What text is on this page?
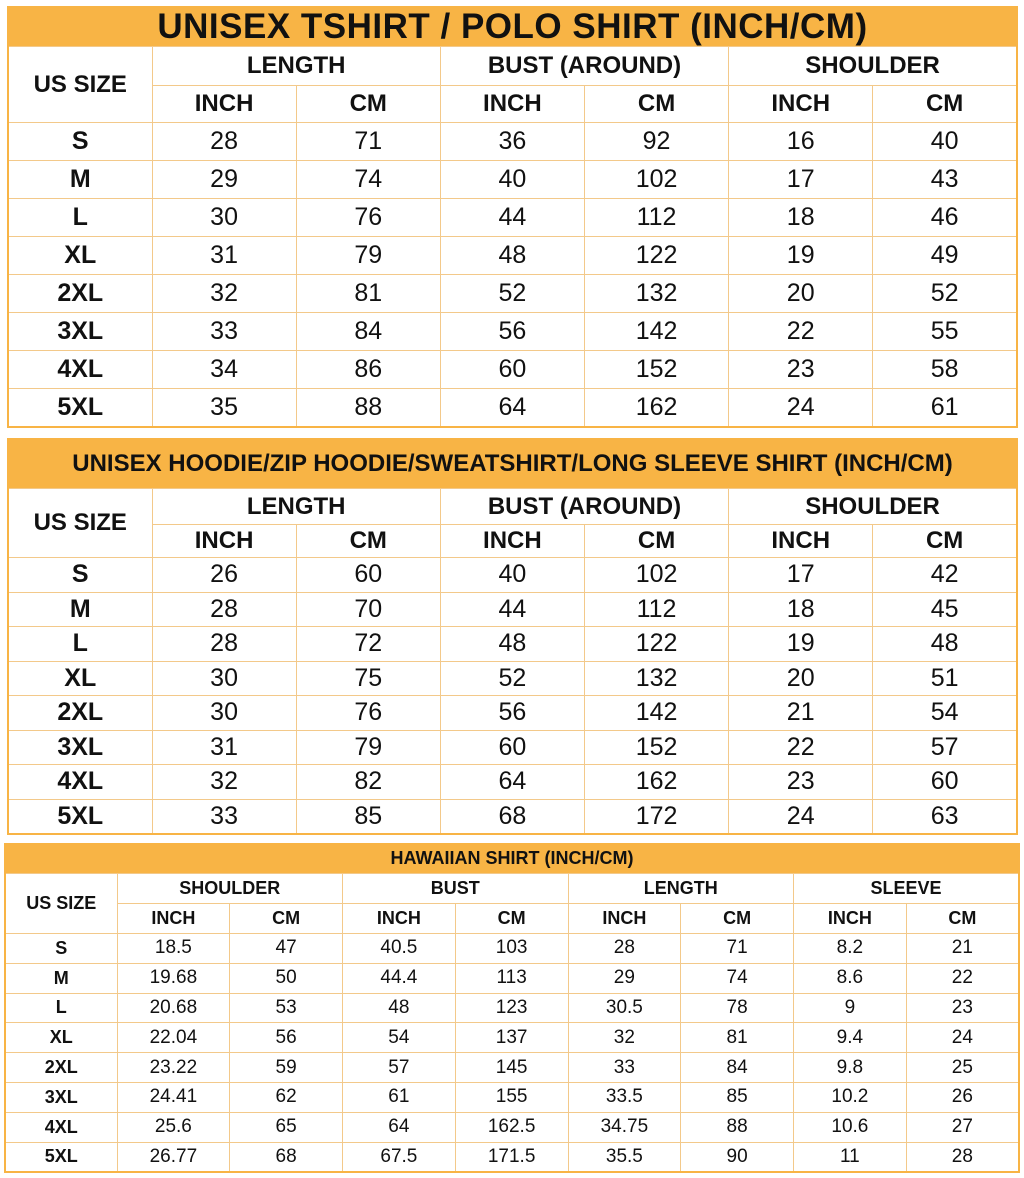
UNISEX TSHIRT / POLO SHIRT (INCH/CM)
US SIZE	LENGTH		BUST (AROUND)		SHOULDER	
	INCH	CM	INCH	CM	INCH	CM
S	28	71	36	92	16	40
M	29	74	40	102	17	43
L	30	76	44	112	18	46
XL	31	79	48	122	19	49
2XL	32	81	52	132	20	52
3XL	33	84	56	142	22	55
4XL	34	86	60	152	23	58
5XL	35	88	64	162	24	61
UNISEX HOODIE/ZIP HOODIE/SWEATSHIRT/LONG SLEEVE SHIRT (INCH/CM)
US SIZE	LENGTH		BUST (AROUND)		SHOULDER	
	INCH	CM	INCH	CM	INCH	CM
S	26	60	40	102	17	42
M	28	70	44	112	18	45
L	28	72	48	122	19	48
XL	30	75	52	132	20	51
2XL	30	76	56	142	21	54
3XL	31	79	60	152	22	57
4XL	32	82	64	162	23	60
5XL	33	85	68	172	24	63
HAWAIIAN SHIRT (INCH/CM)
US SIZE	SHOULDER		BUST		LENGTH		SLEEVE	
	INCH	CM	INCH	CM	INCH	CM	INCH	CM
S	18.5	47	40.5	103	28	71	8.2	21
M	19.68	50	44.4	113	29	74	8.6	22
L	20.68	53	48	123	30.5	78	9	23
XL	22.04	56	54	137	32	81	9.4	24
2XL	23.22	59	57	145	33	84	9.8	25
3XL	24.41	62	61	155	33.5	85	10.2	26
4XL	25.6	65	64	162.5	34.75	88	10.6	27
5XL	26.77	68	67.5	171.5	35.5	90	11	28
